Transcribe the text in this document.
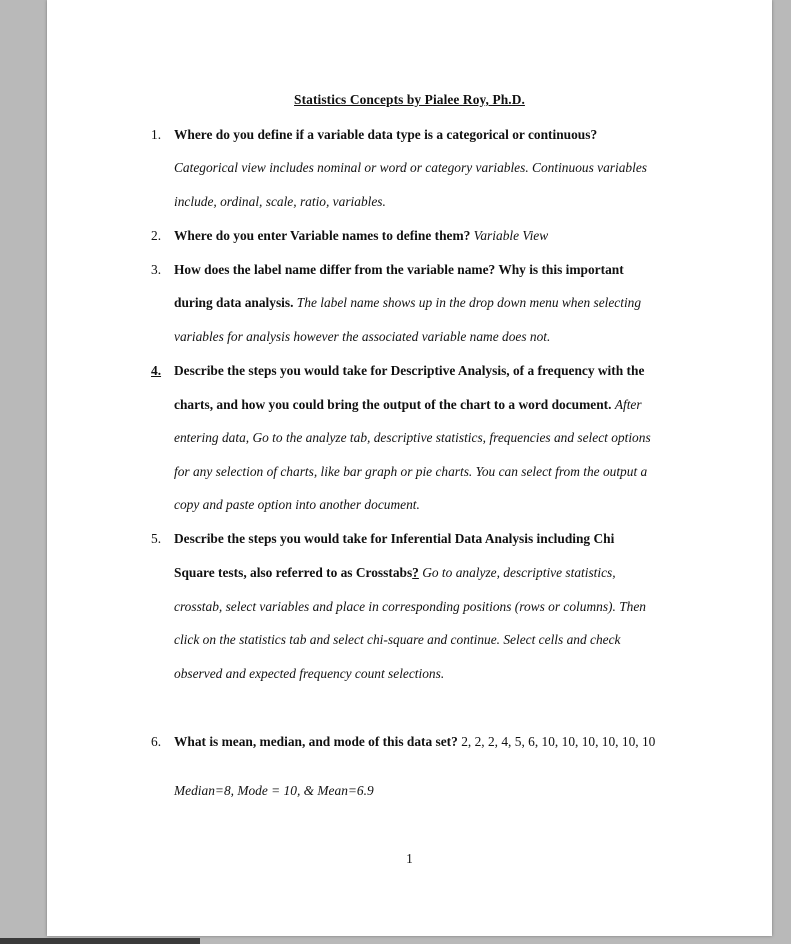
Statistics Concepts by Pialee Roy, Ph.D.
1. Where do you define if a variable data type is a categorical or continuous?
Categorical view includes nominal or word or category variables. Continuous variables
include, ordinal, scale, ratio, variables.
2. Where do you enter Variable names to define them? Variable View
3. How does the label name differ from the variable name? Why is this important
during data analysis. The label name shows up in the drop down menu when selecting
variables for analysis however the associated variable name does not.
4. Describe the steps you would take for Descriptive Analysis, of a frequency with the
charts, and how you could bring the output of the chart to a word document. After
entering data, Go to the analyze tab, descriptive statistics, frequencies and select options
for any selection of charts, like bar graph or pie charts. You can select from the output a
copy and paste option into another document.
5. Describe the steps you would take for Inferential Data Analysis including Chi
Square tests, also referred to as Crosstabs? Go to analyze, descriptive statistics,
crosstab, select variables and place in corresponding positions (rows or columns). Then
click on the statistics tab and select chi-square and continue. Select cells and check
observed and expected frequency count selections.
6. What is mean, median, and mode of this data set? 2, 2, 2, 4, 5, 6, 10, 10, 10, 10, 10, 10
Median=8, Mode = 10, & Mean=6.9
1
